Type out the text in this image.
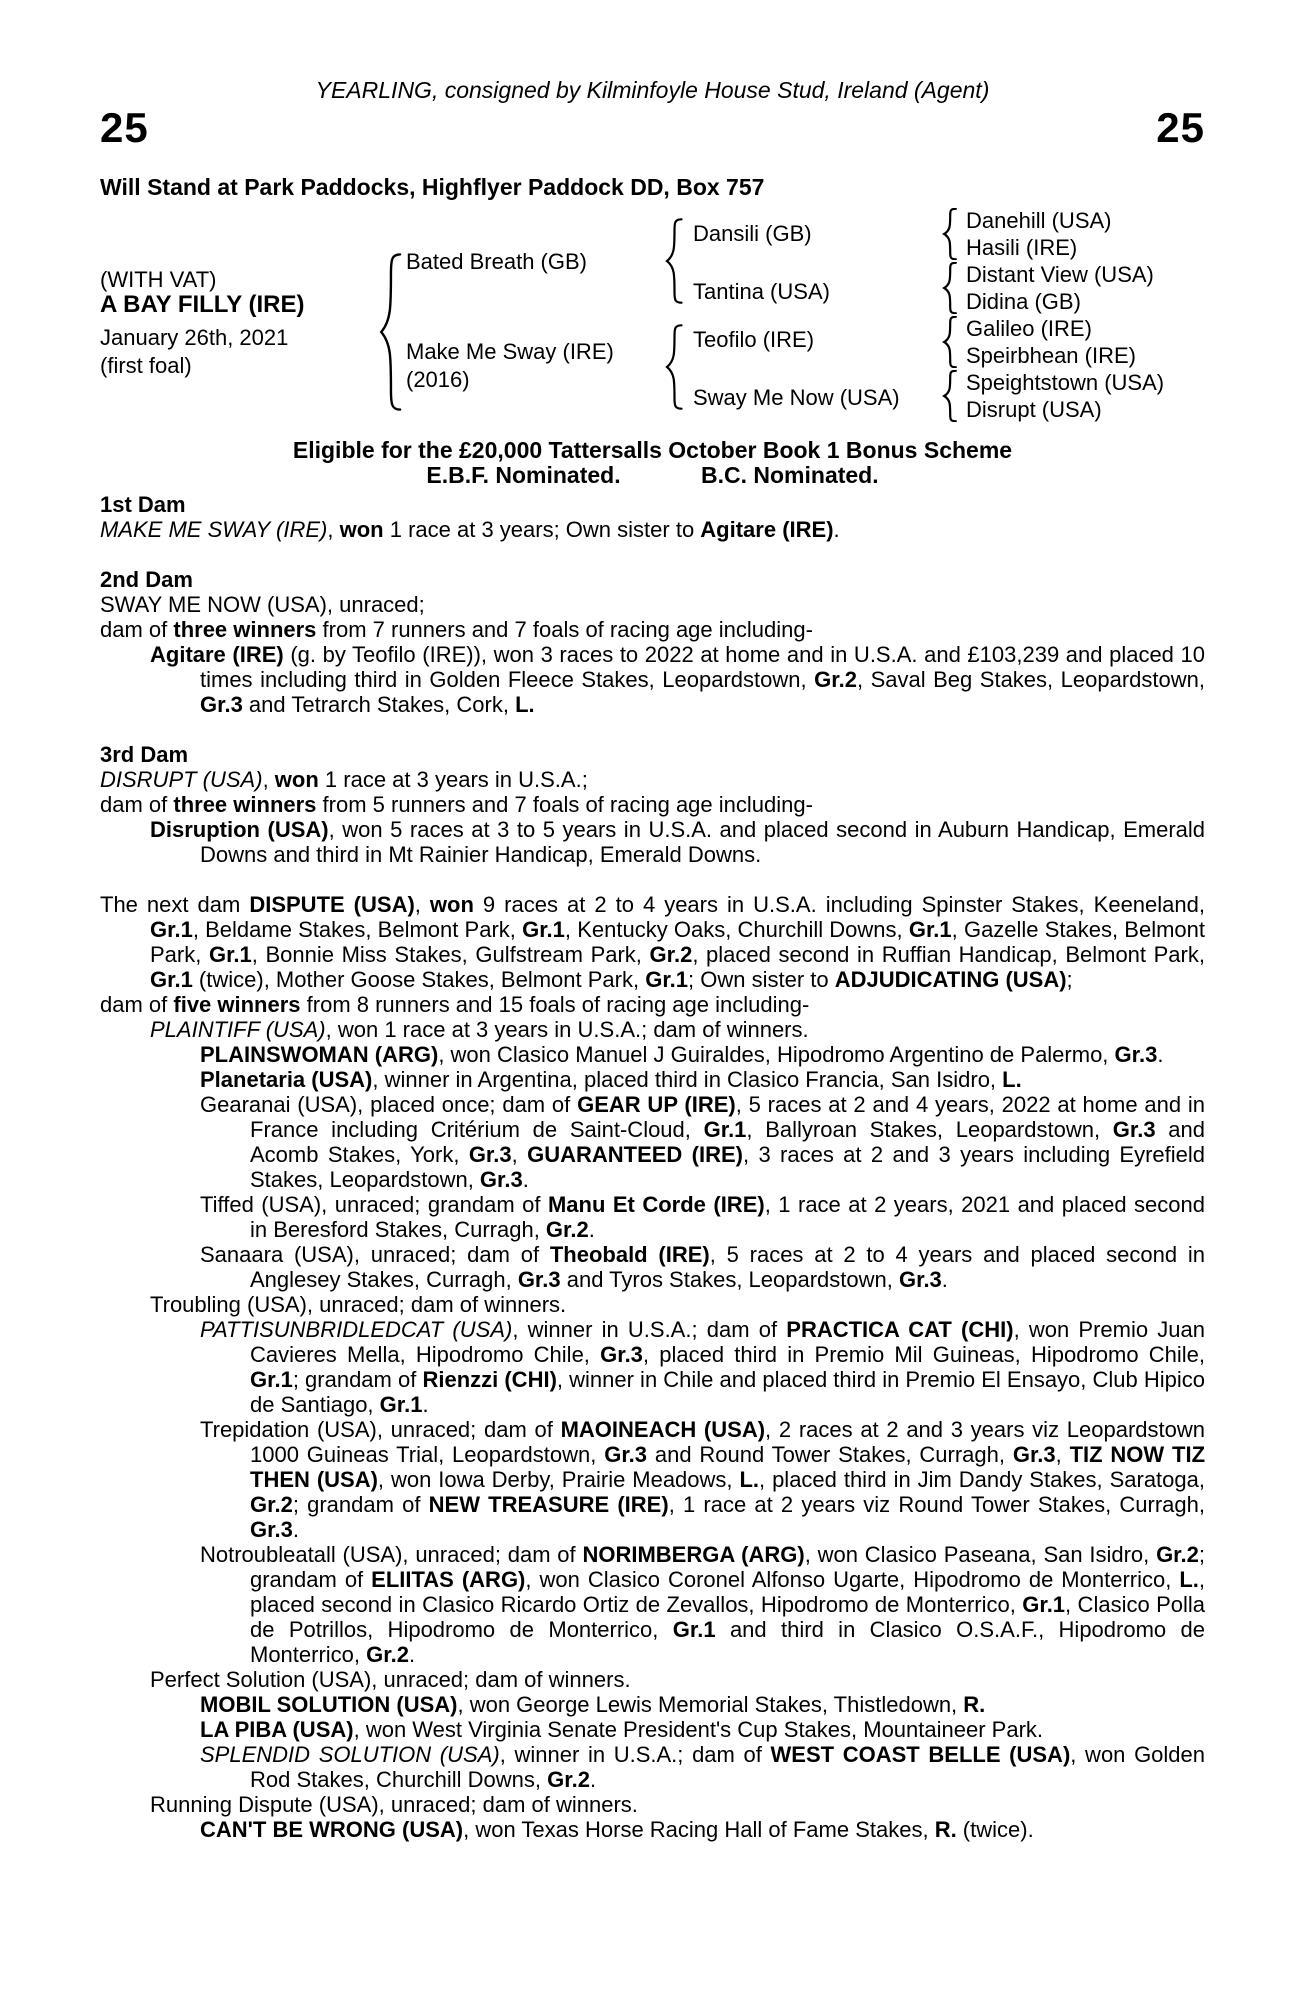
YEARLING, consigned by Kilminfoyle House Stud, Ireland (Agent)
25	25
Will Stand at Park Paddocks, Highflyer Paddock DD, Box 757
(WITH VAT)
A BAY FILLY (IRE)
January 26th, 2021
(first foal)
Bated Breath (GB)
Make Me Sway (IRE)
(2016)
Dansili (GB)
Tantina (USA)
Teofilo (IRE)
Sway Me Now (USA)
Danehill (USA)
Hasili (IRE)
Distant View (USA)
Didina (GB)
Galileo (IRE)
Speirbhean (IRE)
Speightstown (USA)
Disrupt (USA)
Eligible for the £20,000 Tattersalls October Book 1 Bonus Scheme
E.B.F. Nominated.	B.C. Nominated.
1st Dam

MAKE ME SWAY (IRE), won 1 race at 3 years; Own sister to Agitare (IRE).

2nd Dam

SWAY ME NOW (USA), unraced;

dam of three winners from 7 runners and 7 foals of racing age including-

Agitare (IRE) (g. by Teofilo (IRE)), won 3 races to 2022 at home and in U.S.A. and £103,239 and placed 10 times including third in Golden Fleece Stakes, Leopardstown, Gr.2, Saval Beg Stakes, Leopardstown, Gr.3 and Tetrarch Stakes, Cork, L.

3rd Dam

DISRUPT (USA), won 1 race at 3 years in U.S.A.;

dam of three winners from 5 runners and 7 foals of racing age including-

Disruption (USA), won 5 races at 3 to 5 years in U.S.A. and placed second in Auburn Handicap, Emerald Downs and third in Mt Rainier Handicap, Emerald Downs.

The next dam DISPUTE (USA), won 9 races at 2 to 4 years in U.S.A. including Spinster Stakes, Keeneland, Gr.1, Beldame Stakes, Belmont Park, Gr.1, Kentucky Oaks, Churchill Downs, Gr.1, Gazelle Stakes, Belmont Park, Gr.1, Bonnie Miss Stakes, Gulfstream Park, Gr.2, placed second in Ruffian Handicap, Belmont Park, Gr.1 (twice), Mother Goose Stakes, Belmont Park, Gr.1; Own sister to ADJUDICATING (USA);

dam of five winners from 8 runners and 15 foals of racing age including-

PLAINTIFF (USA), won 1 race at 3 years in U.S.A.; dam of winners.

PLAINSWOMAN (ARG), won Clasico Manuel J Guiraldes, Hipodromo Argentino de Palermo, Gr.3.

Planetaria (USA), winner in Argentina, placed third in Clasico Francia, San Isidro, L.

Gearanai (USA), placed once; dam of GEAR UP (IRE), 5 races at 2 and 4 years, 2022 at home and in France including Critérium de Saint-Cloud, Gr.1, Ballyroan Stakes, Leopardstown, Gr.3 and Acomb Stakes, York, Gr.3, GUARANTEED (IRE), 3 races at 2 and 3 years including Eyrefield Stakes, Leopardstown, Gr.3.

Tiffed (USA), unraced; grandam of Manu Et Corde (IRE), 1 race at 2 years, 2021 and placed second in Beresford Stakes, Curragh, Gr.2.

Sanaara (USA), unraced; dam of Theobald (IRE), 5 races at 2 to 4 years and placed second in Anglesey Stakes, Curragh, Gr.3 and Tyros Stakes, Leopardstown, Gr.3.

Troubling (USA), unraced; dam of winners.

PATTISUNBRIDLEDCAT (USA), winner in U.S.A.; dam of PRACTICA CAT (CHI), won Premio Juan Cavieres Mella, Hipodromo Chile, Gr.3, placed third in Premio Mil Guineas, Hipodromo Chile, Gr.1; grandam of Rienzzi (CHI), winner in Chile and placed third in Premio El Ensayo, Club Hipico de Santiago, Gr.1.

Trepidation (USA), unraced; dam of MAOINEACH (USA), 2 races at 2 and 3 years viz Leopardstown 1000 Guineas Trial, Leopardstown, Gr.3 and Round Tower Stakes, Curragh, Gr.3, TIZ NOW TIZ THEN (USA), won Iowa Derby, Prairie Meadows, L., placed third in Jim Dandy Stakes, Saratoga, Gr.2; grandam of NEW TREASURE (IRE), 1 race at 2 years viz Round Tower Stakes, Curragh, Gr.3.

Notroubleatall (USA), unraced; dam of NORIMBERGA (ARG), won Clasico Paseana, San Isidro, Gr.2; grandam of ELIITAS (ARG), won Clasico Coronel Alfonso Ugarte, Hipodromo de Monterrico, L., placed second in Clasico Ricardo Ortiz de Zevallos, Hipodromo de Monterrico, Gr.1, Clasico Polla de Potrillos, Hipodromo de Monterrico, Gr.1 and third in Clasico O.S.A.F., Hipodromo de Monterrico, Gr.2.

Perfect Solution (USA), unraced; dam of winners.

MOBIL SOLUTION (USA), won George Lewis Memorial Stakes, Thistledown, R.

LA PIBA (USA), won West Virginia Senate President's Cup Stakes, Mountaineer Park.

SPLENDID SOLUTION (USA), winner in U.S.A.; dam of WEST COAST BELLE (USA), won Golden Rod Stakes, Churchill Downs, Gr.2.

Running Dispute (USA), unraced; dam of winners.

CAN'T BE WRONG (USA), won Texas Horse Racing Hall of Fame Stakes, R. (twice).
